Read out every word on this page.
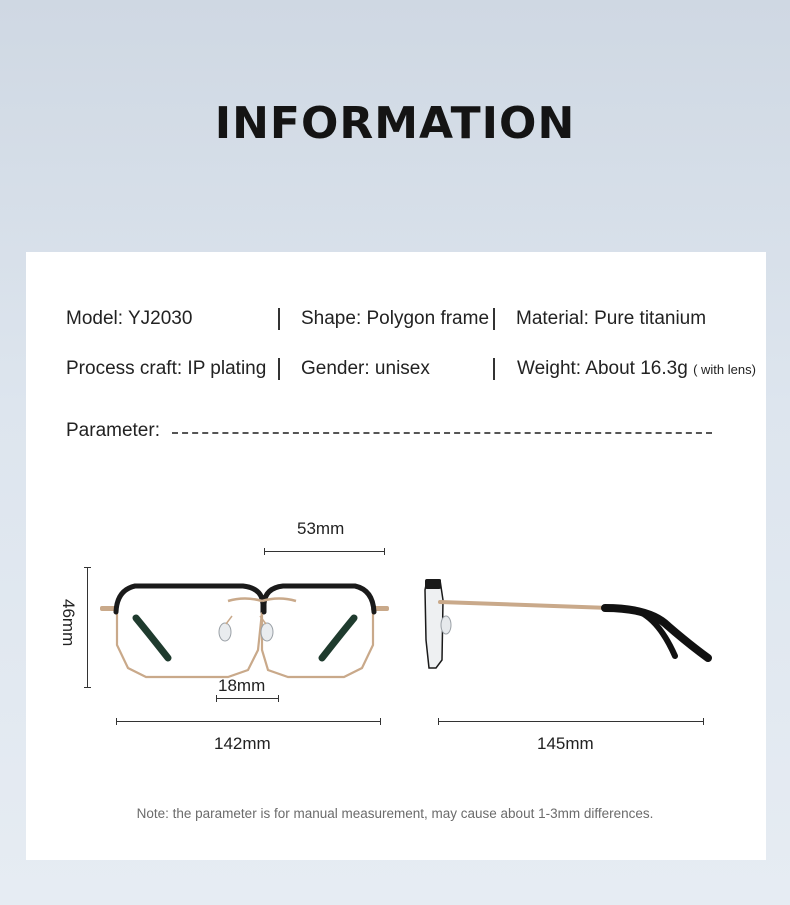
INFORMATION
Model: YJ2030	Shape: Polygon frame Material: Pure titanium
Process craft: IP plating Gender: unisex	Weight: About 16.3g ( with lens)
Parameter:
53mm
46mm
18mm
142mm	145mm
Note: the parameter is for manual measurement, may cause about 1-3mm differences.
